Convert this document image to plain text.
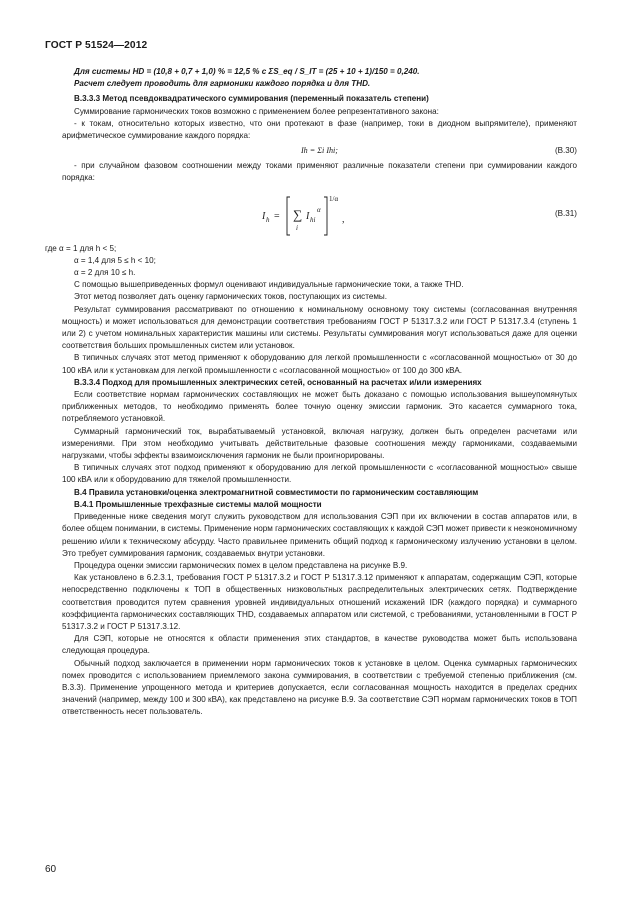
ГОСТ Р 51524—2012

Для системы HD = (10,8 + 0,7 + 1,0) % = 12,5 % с ΣS_eq / S_IT = (25 + 10 + 1)/150 = 0,240.

Расчет следует проводить для гармоники каждого порядка и для THD.

B.3.3.3 Метод псевдоквадратического суммирования (переменный показатель степени)

Суммирование гармонических токов возможно с применением более репрезентативного закона:

- к токам, относительно которых известно, что они протекают в фазе (например, токи в диодном выпрямителе), применяют арифметическое суммирование каждого порядка:

Ih = Σi Ihi;	(B.30)

- при случайном фазовом соотношении между токами применяют различные показатели степени при суммировании каждого порядка:

I h = ∑
i
I hi
α
1/α
,
(B.31)

где α = 1 для h < 5;

α = 1,4 для 5 ≤ h < 10;

α = 2 для 10 ≤ h.

С помощью вышеприведенных формул оценивают индивидуальные гармонические токи, а также THD.

Этот метод позволяет дать оценку гармонических токов, поступающих из системы.

Результат суммирования рассматривают по отношению к номинальному основному току системы (согласованная внутренняя мощность) и может использоваться для демонстрации соответствия требованиям ГОСТ Р 51317.3.2 или ГОСТ Р 51317.3.4 (ступень 1 или 2) с учетом номинальных характеристик машины или системы. Результаты суммирования могут использоваться даже для оценки соответствия больших промышленных систем или установок.

В типичных случаях этот метод применяют к оборудованию для легкой промышленности с «согласованной мощностью» от 30 до 100 кВА или к установкам для легкой промышленности с «согласованной мощностью» от 100 до 300 кВА.

B.3.3.4 Подход для промышленных электрических сетей, основанный на расчетах и/или измерениях

Если соответствие нормам гармонических составляющих не может быть доказано с помощью использования вышеупомянутых приближенных методов, то необходимо применять более точную оценку эмиссии гармоник. Это касается суммарного тока, потребляемого установкой.

Суммарный гармонический ток, вырабатываемый установкой, включая нагрузку, должен быть определен расчетами или измерениями. При этом необходимо учитывать действительные фазовые соотношения между гармониками, создаваемыми нагрузками, чтобы эффекты взаимоисключения гармоник не были проигнорированы.

В типичных случаях этот подход применяют к оборудованию для легкой промышленности с «согласованной мощностью» свыше 100 кВА или к оборудованию для тяжелой промышленности.

B.4 Правила установки/оценка электромагнитной совместимости по гармоническим составляющим

B.4.1 Промышленные трехфазные системы малой мощности

Приведенные ниже сведения могут служить руководством для использования СЭП при их включении в состав аппаратов или, в более общем понимании, в системы. Применение норм гармонических составляющих к каждой СЭП может привести к неэкономичному решению и/или к техническому абсурду. Часто правильнее применить общий подход к гармоническому излучению установки в целом. Это требует суммирования гармоник, создаваемых внутри установки.

Процедура оценки эмиссии гармонических помех в целом представлена на рисунке B.9.

Как установлено в 6.2.3.1, требования ГОСТ Р 51317.3.2 и ГОСТ Р 51317.3.12 применяют к аппаратам, содержащим СЭП, которые непосредственно подключены к ТОП в общественных низковольтных распределительных электрических сетях. Подтверждение соответствия проводится путем сравнения уровней индивидуальных отношений искажений IDR (каждого порядка) и суммарного коэффициента гармонических составляющих THD, создаваемых аппаратом или системой, с требованиями, установленными в ГОСТ Р 51317.3.2 и ГОСТ Р 51317.3.12.

Для СЭП, которые не относятся к области применения этих стандартов, в качестве руководства может быть использована следующая процедура.

Обычный подход заключается в применении норм гармонических токов к установке в целом. Оценка суммарных гармонических помех проводится с использованием приемлемого закона суммирования, в соответствии с требуемой степенью приближения (см. B.3.3). Применение упрощенного метода и критериев допускается, если согласованная мощность находится в пределах средних значений (например, между 100 и 300 кВА), как представлено на рисунке B.9. За соответствие СЭП нормам гармонических токов в ТОП ответственность несет пользователь.

60
